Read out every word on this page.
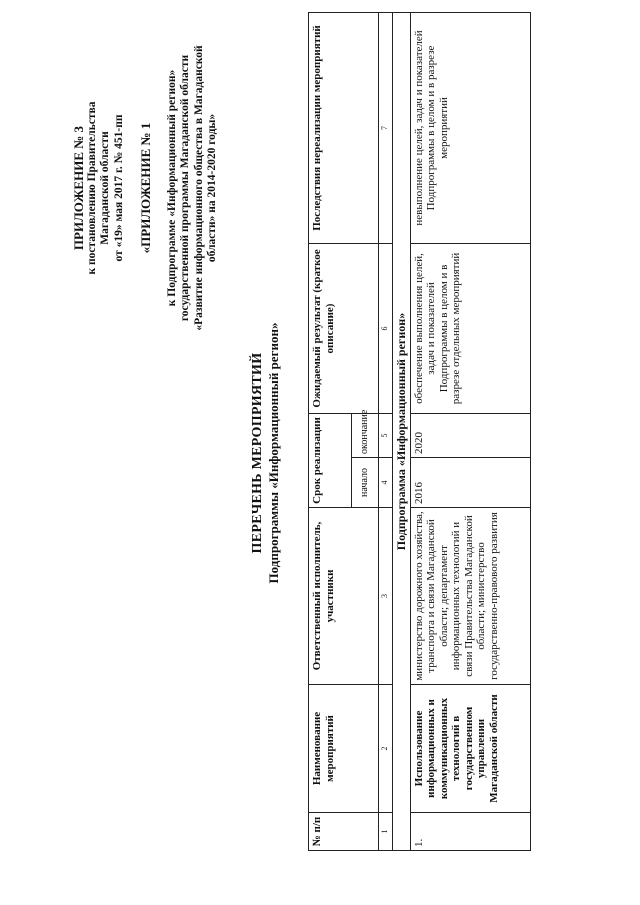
ПРИЛОЖЕНИЕ № 3 к постановлению Правительства Магаданской области от «19» мая 2017 г. № 451-пп «ПРИЛОЖЕНИЕ № 1 к Подпрограмме «Информационный регион» государственной программы Магаданской области «Развитие информационного общества в Магаданской области» на 2014-2020 годы»
ПЕРЕЧЕНЬ МЕРОПРИЯТИЙ Подпрограммы «Информационный регион»
№ п/п	Наименование мероприятий	Ответственный исполнитель, участники	Срок реализации		Ожидаемый результат (краткое описание)	Последствия нереализации мероприятий
			начало	окончание		
1	2	3	4	5	6	7
Подпрограмма «Информационный регион»						
1.	Использование информационных и коммуникационных технологий в государственном управлении Магаданской области	министерство дорожного хозяйства, транспорта и связи Магаданской области; департамент информационных технологий и связи Правительства Магаданской области; министерство государственно-правового развития	2016	2020	обеспечение выполнения целей, задач и показателей Подпрограммы в целом и в разрезе отдельных мероприятий	невыполнение целей, задач и показателей Подпрограммы в целом и в разрезе мероприятий
